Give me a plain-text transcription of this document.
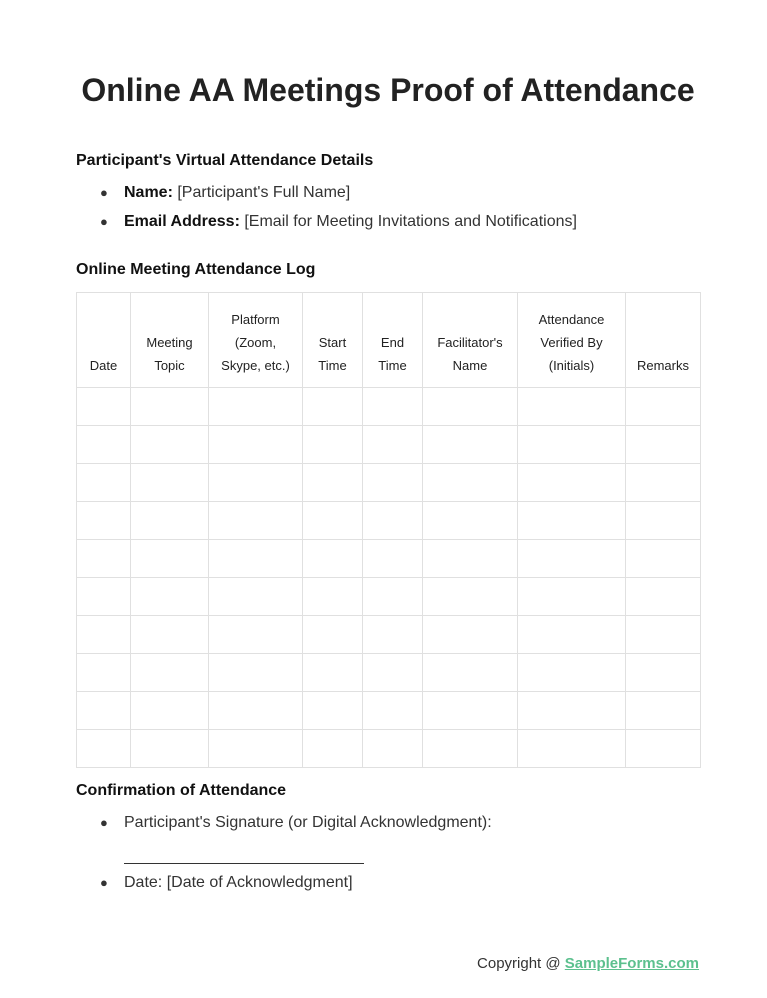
Online AA Meetings Proof of Attendance
Participant's Virtual Attendance Details
● Name: [Participant's Full Name]
● Email Address: [Email for Meeting Invitations and Notifications]
Online Meeting Attendance Log
Date	Meeting Topic	Platform (Zoom, Skype, etc.)	Start Time	End Time	Facilitator's Name	Attendance Verified By (Initials)	Remarks

Confirmation of Attendance
● Participant's Signature (or Digital Acknowledgment):
● Date: [Date of Acknowledgment]
Copyright @ SampleForms.com
